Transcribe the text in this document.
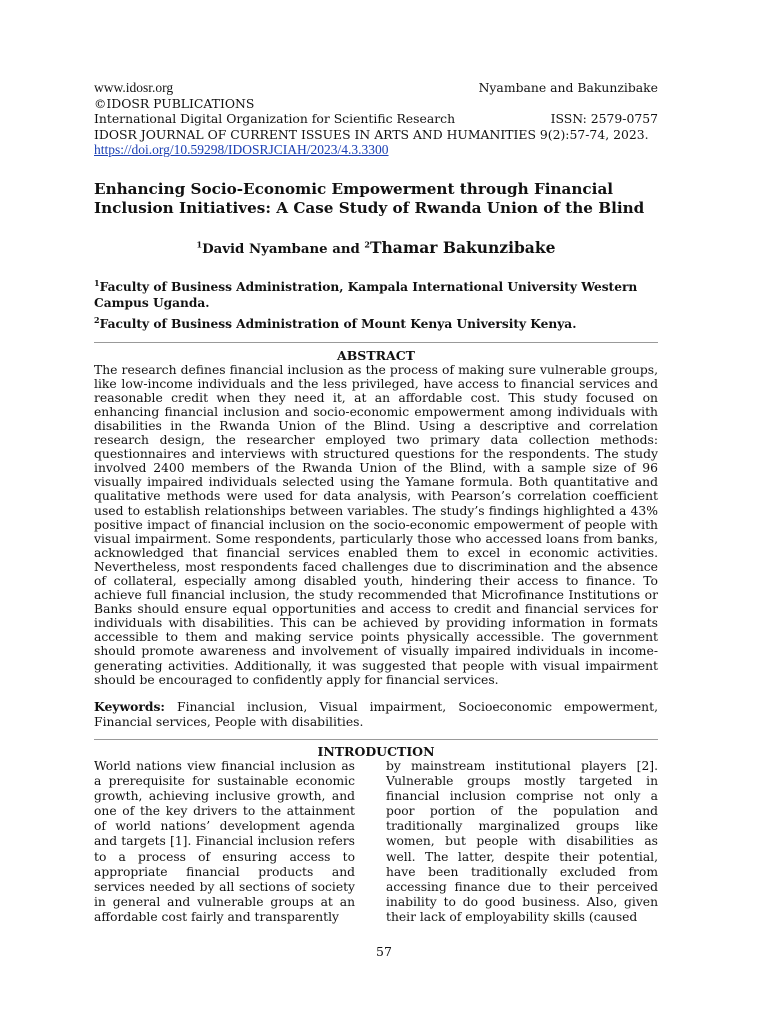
www.idosr.org	Nyambane and Bakunzibake
©IDOSR PUBLICATIONS
International Digital Organization for Scientific Research	ISSN: 2579-0757
IDOSR JOURNAL OF CURRENT ISSUES IN ARTS AND HUMANITIES 9(2):57-74, 2023.
https://doi.org/10.59298/IDOSRJCIAH/2023/4.3.3300
Enhancing Socio-Economic Empowerment through Financial Inclusion Initiatives: A Case Study of Rwanda Union of the Blind
$^1$David Nyambane and $^2$Thamar Bakunzibake

$^1$Faculty of Business Administration, Kampala International University Western Campus Uganda.

$^2$Faculty of Business Administration of Mount Kenya University Kenya.

ABSTRACT

The research defines financial inclusion as the process of making sure vulnerable groups, like low-income individuals and the less privileged, have access to financial services and reasonable credit when they need it, at an affordable cost. This study focused on enhancing financial inclusion and socio-economic empowerment among individuals with disabilities in the Rwanda Union of the Blind. Using a descriptive and correlation research design, the researcher employed two primary data collection methods: questionnaires and interviews with structured questions for the respondents. The study involved 2400 members of the Rwanda Union of the Blind, with a sample size of 96 visually impaired individuals selected using the Yamane formula. Both quantitative and qualitative methods were used for data analysis, with Pearson’s correlation coefficient used to establish relationships between variables. The study’s findings highlighted a 43% positive impact of financial inclusion on the socio-economic empowerment of people with visual impairment. Some respondents, particularly those who accessed loans from banks, acknowledged that financial services enabled them to excel in economic activities. Nevertheless, most respondents faced challenges due to discrimination and the absence of collateral, especially among disabled youth, hindering their access to finance. To achieve full financial inclusion, the study recommended that Microfinance Institutions or Banks should ensure equal opportunities and access to credit and financial services for individuals with disabilities. This can be achieved by providing information in formats accessible to them and making service points physically accessible. The government should promote awareness and involvement of visually impaired individuals in income-generating activities. Additionally, it was suggested that people with visual impairment should be encouraged to confidently apply for financial services.

Keywords: Financial inclusion, Visual impairment, Socioeconomic empowerment, Financial services, People with disabilities.
INTRODUCTION

World nations view financial inclusion as a prerequisite for sustainable economic growth, achieving inclusive growth, and one of the key drivers to the attainment of world nations’ development agenda and targets [1]. Financial inclusion refers to a process of ensuring access to appropriate financial products and services needed by all sections of society in general and vulnerable groups at an affordable cost fairly and transparently

by mainstream institutional players [2]. Vulnerable groups mostly targeted in financial inclusion comprise not only a poor portion of the population and traditionally marginalized groups like women, but people with disabilities as well. The latter, despite their potential, have been traditionally excluded from accessing finance due to their perceived inability to do good business. Also, given their lack of employability skills (caused

57
